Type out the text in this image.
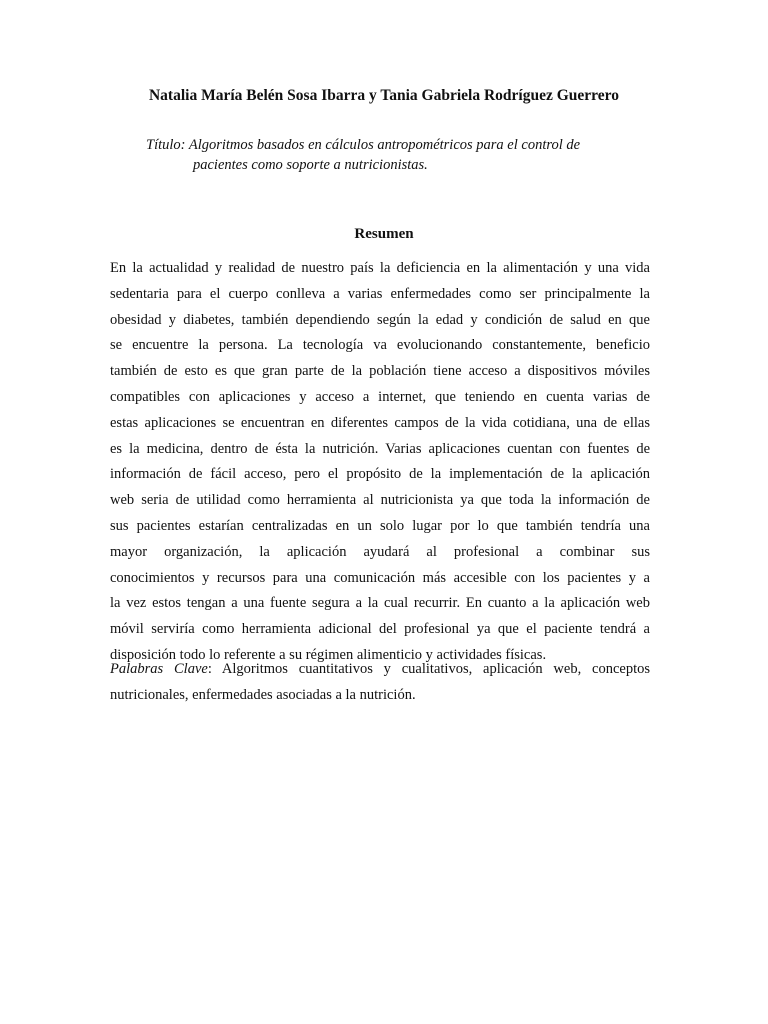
Natalia María Belén Sosa Ibarra y Tania Gabriela Rodríguez Guerrero
Título: Algoritmos basados en cálculos antropométricos para el control de
pacientes como soporte a nutricionistas.
Resumen
En la actualidad y realidad de nuestro país la deficiencia en la alimentación y una vida
sedentaria para el cuerpo conlleva a varias enfermedades como ser principalmente la
obesidad y diabetes, también dependiendo según la edad y condición de salud en que
se encuentre la persona. La tecnología va evolucionando constantemente, beneficio
también de esto es que gran parte de la población tiene acceso a dispositivos móviles
compatibles con aplicaciones y acceso a internet, que teniendo en cuenta varias de
estas aplicaciones se encuentran en diferentes campos de la vida cotidiana, una de ellas
es la medicina, dentro de ésta la nutrición. Varias aplicaciones cuentan con fuentes de
información de fácil acceso, pero el propósito de la implementación de la aplicación
web seria de utilidad como herramienta al nutricionista ya que toda la información de
sus pacientes estarían centralizadas en un solo lugar por lo que también tendría una
mayor organización, la aplicación ayudará al profesional a combinar sus
conocimientos y recursos para una comunicación más accesible con los pacientes y a
la vez estos tengan a una fuente segura a la cual recurrir. En cuanto a la aplicación web
móvil serviría como herramienta adicional del profesional ya que el paciente tendrá a
disposición todo lo referente a su régimen alimenticio y actividades físicas.
Palabras Clave: Algoritmos cuantitativos y cualitativos, aplicación web, conceptos
nutricionales, enfermedades asociadas a la nutrición.
